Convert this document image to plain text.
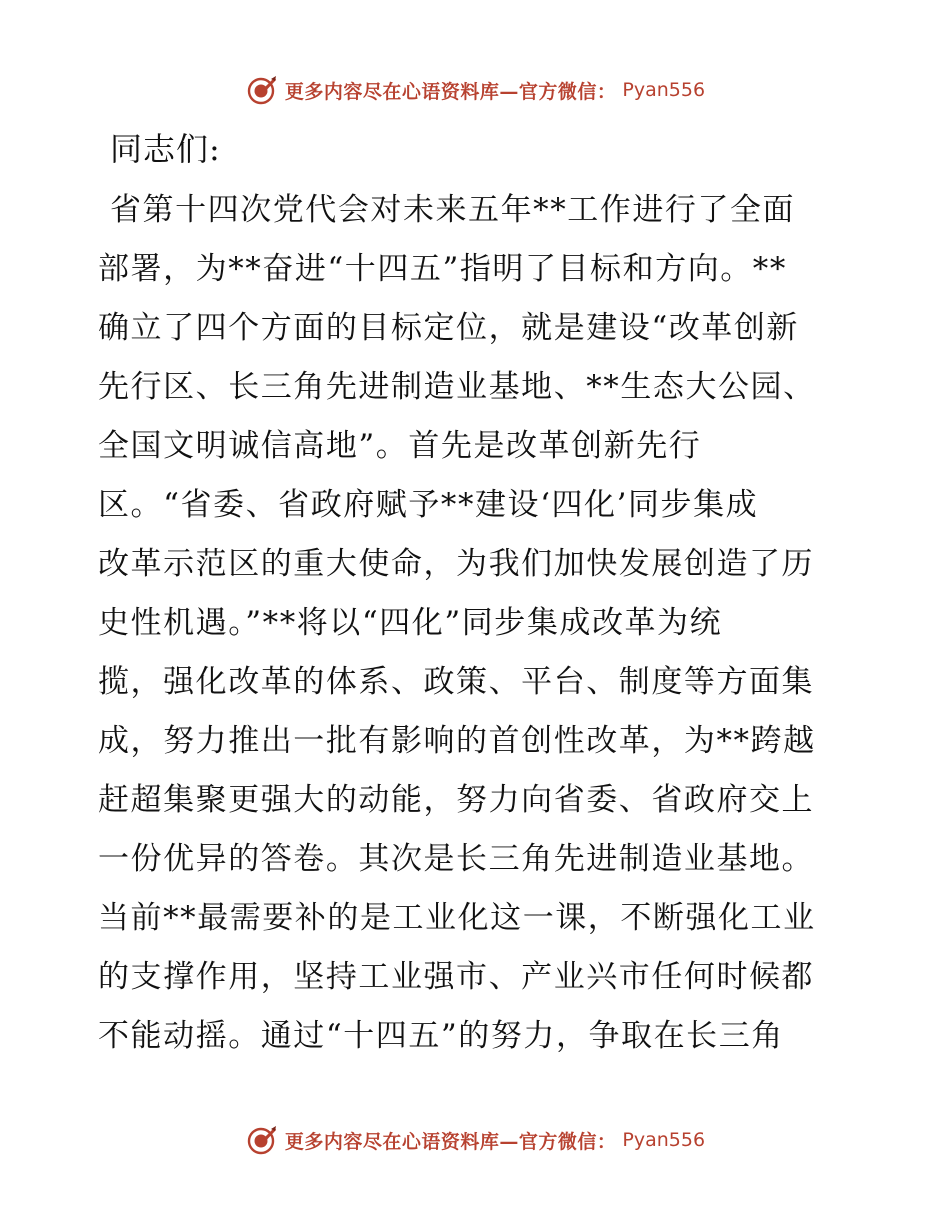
更多内容尽在心语资料库—官方微信： Pyan556
同志们:

省第十四次党代会对未来五年**工作进行了全面

部署，为**奋进“十四五”指明了目标和方向。**

确立了四个方面的目标定位，就是建设“改革创新

先行区、长三角先进制造业基地、**生态大公园、

全国文明诚信高地”。首先是改革创新先行

区。“省委、省政府赋予**建设‘四化’同步集成

改革示范区的重大使命，为我们加快发展创造了历

史性机遇。”**将以“四化”同步集成改革为统

揽，强化改革的体系、政策、平台、制度等方面集

成，努力推出一批有影响的首创性改革，为**跨越

赶超集聚更强大的动能，努力向省委、省政府交上

一份优异的答卷。其次是长三角先进制造业基地。

当前**最需要补的是工业化这一课，不断强化工业

的支撑作用，坚持工业强市、产业兴市任何时候都

不能动摇。通过“十四五”的努力，争取在长三角

更多内容尽在心语资料库—官方微信： Pyan556
